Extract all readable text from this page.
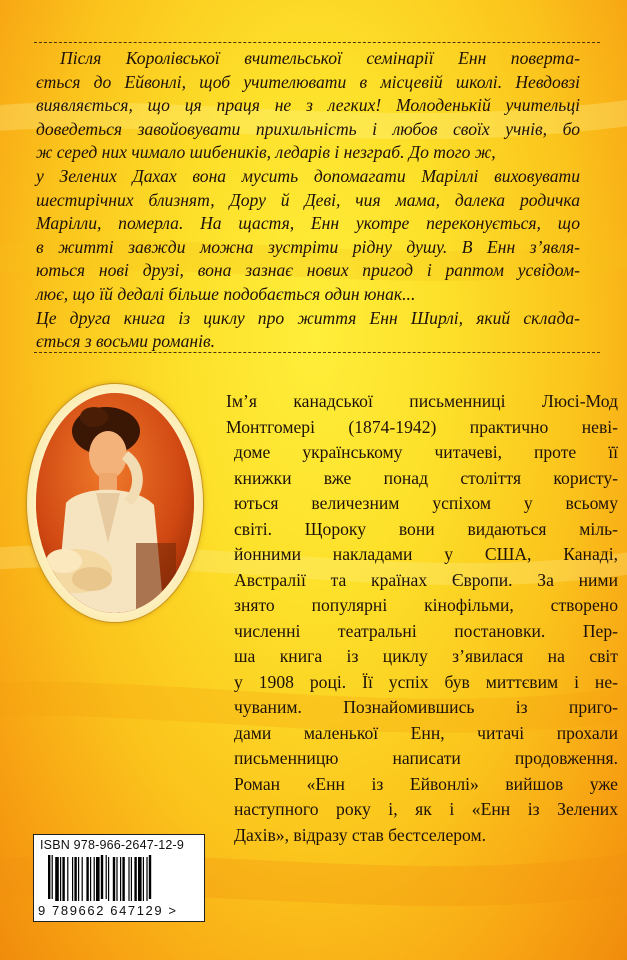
Після Королівської вчительської семінарії Енн поверта-
ється до Ейвонлі, щоб учителювати в місцевій школі. Невдовзі
виявляється, що ця праця не з легких! Молоденькій учительці
доведеться завойовувати прихильність і любов своїх учнів, бо
ж серед них чимало шибеників, ледарів і незграб. До того ж,
у Зелених Дахах вона мусить допомагати Маріллі виховувати
шестирічних близнят, Дору й Деві, чия мама, далека родичка
Марілли, померла. На щастя, Енн укотре переконується, що
в житті завжди можна зустріти рідну душу. В Енн з’явля-
ються нові друзі, вона зазнає нових пригод і раптом усвідом-
лює, що їй дедалі більше подобається один юнак...
Це друга книга із циклу про життя Енн Ширлі, який склада-
ється з восьми романів.
Ім’я канадської письменниці Люсі-Мод
Монтгомері (1874-1942) практично неві-
доме українському читачеві, проте її
книжки вже понад століття користу-
ються величезним успіхом у всьому
світі. Щороку вони видаються міль-
йонними накладами у США, Канаді,
Австралії та країнах Європи. За ними
знято популярні кінофільми, створено
численні театральні постановки. Пер-
ша книга із циклу з’явилася на світ
у 1908 році. Її успіх був миттєвим і не-
чуваним. Познайомившись із приго-
дами маленької Енн, читачі прохали
письменницю написати продовження.
Роман «Енн із Ейвонлі» вийшов уже
наступного року і, як і «Енн із Зелених
Дахів», відразу став бестселером.
ISBN 978-966-2647-12-9
9 789662 647129 >
